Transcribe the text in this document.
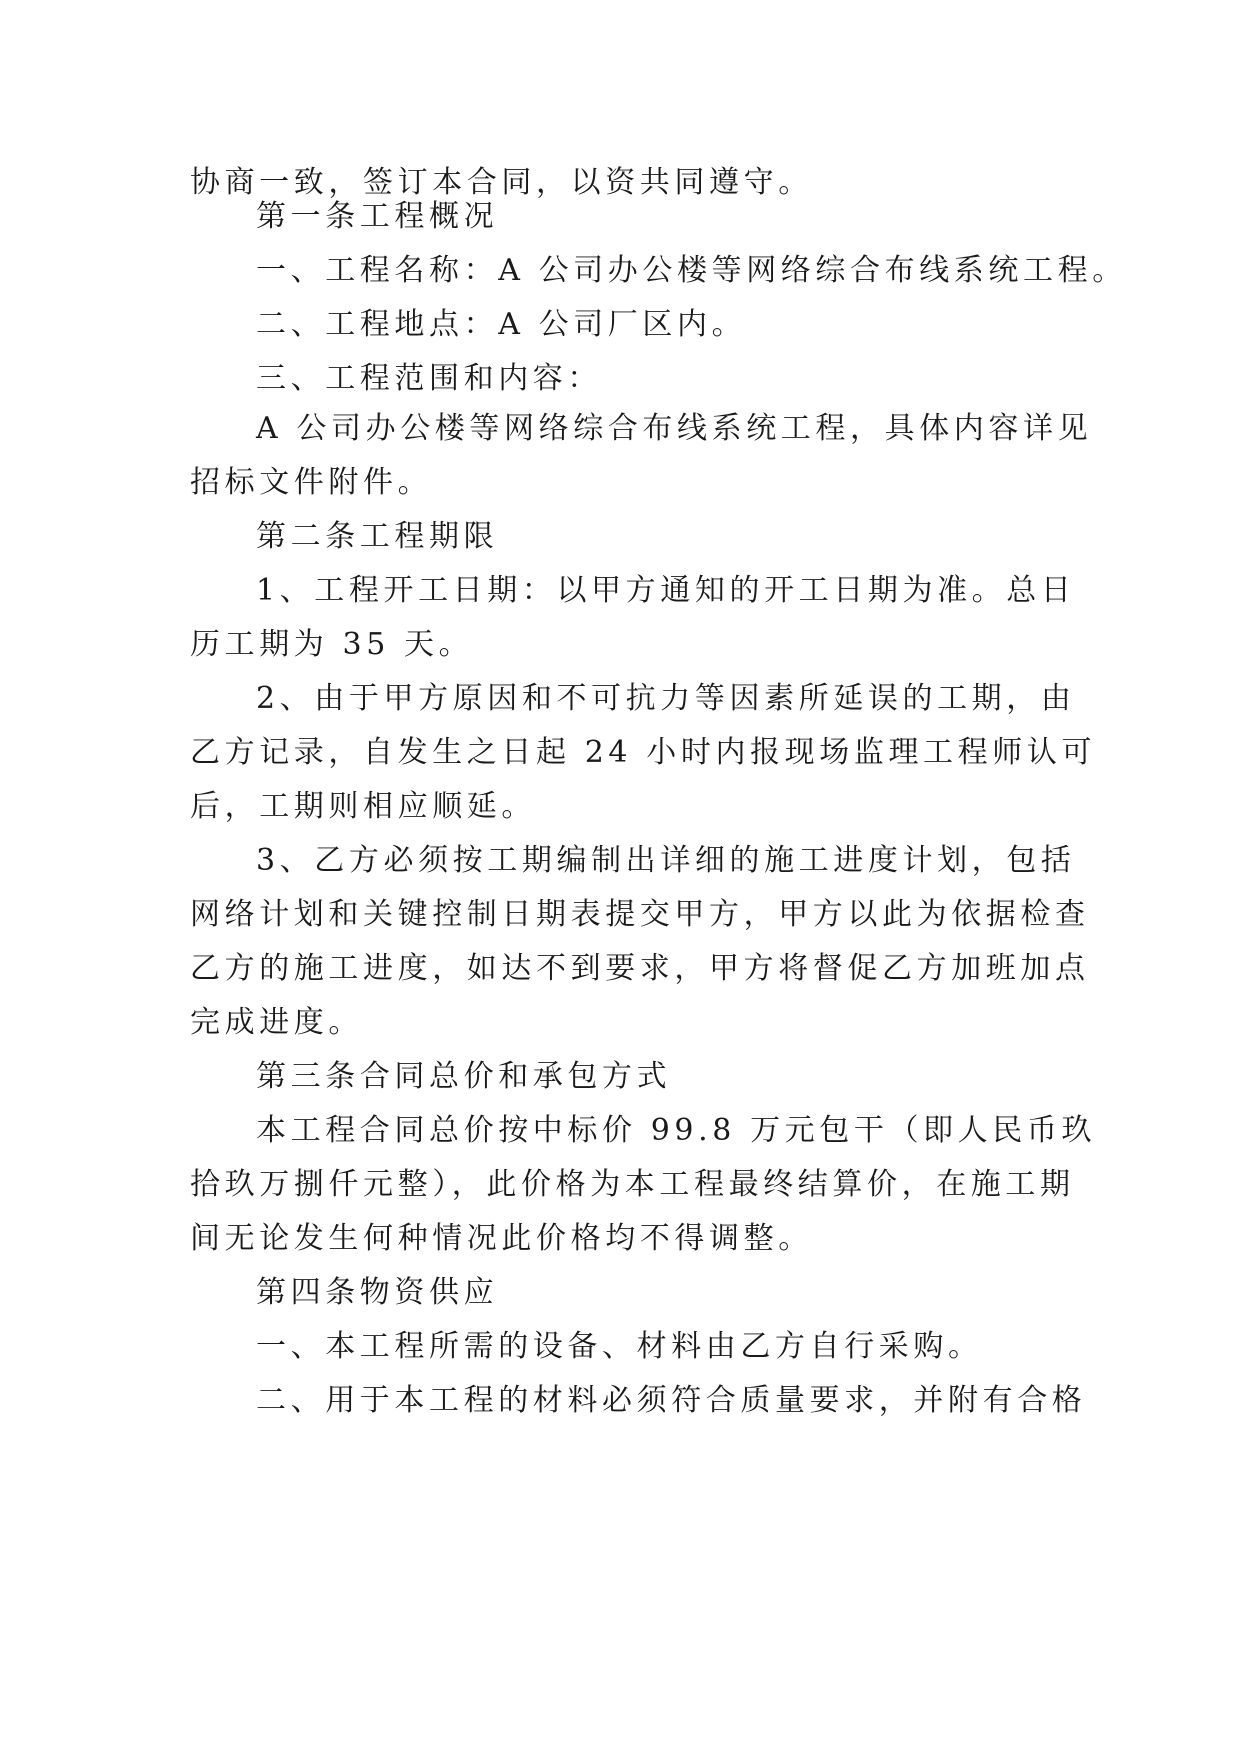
协商一致，签订本合同，以资共同遵守。
第一条工程概况
一、工程名称：A 公司办公楼等网络综合布线系统工程。
二、工程地点：A 公司厂区内。
三、工程范围和内容：
A 公司办公楼等网络综合布线系统工程，具体内容详见
招标文件附件。
第二条工程期限
1、工程开工日期：以甲方通知的开工日期为准。总日
历工期为 35 天。
2、由于甲方原因和不可抗力等因素所延误的工期，由
乙方记录，自发生之日起 24 小时内报现场监理工程师认可
后，工期则相应顺延。
3、乙方必须按工期编制出详细的施工进度计划，包括
网络计划和关键控制日期表提交甲方，甲方以此为依据检查
乙方的施工进度，如达不到要求，甲方将督促乙方加班加点
完成进度。
第三条合同总价和承包方式
本工程合同总价按中标价 99.8 万元包干（即人民币玖
拾玖万捌仟元整），此价格为本工程最终结算价，在施工期
间无论发生何种情况此价格均不得调整。
第四条物资供应
一、本工程所需的设备、材料由乙方自行采购。
二、用于本工程的材料必须符合质量要求，并附有合格
